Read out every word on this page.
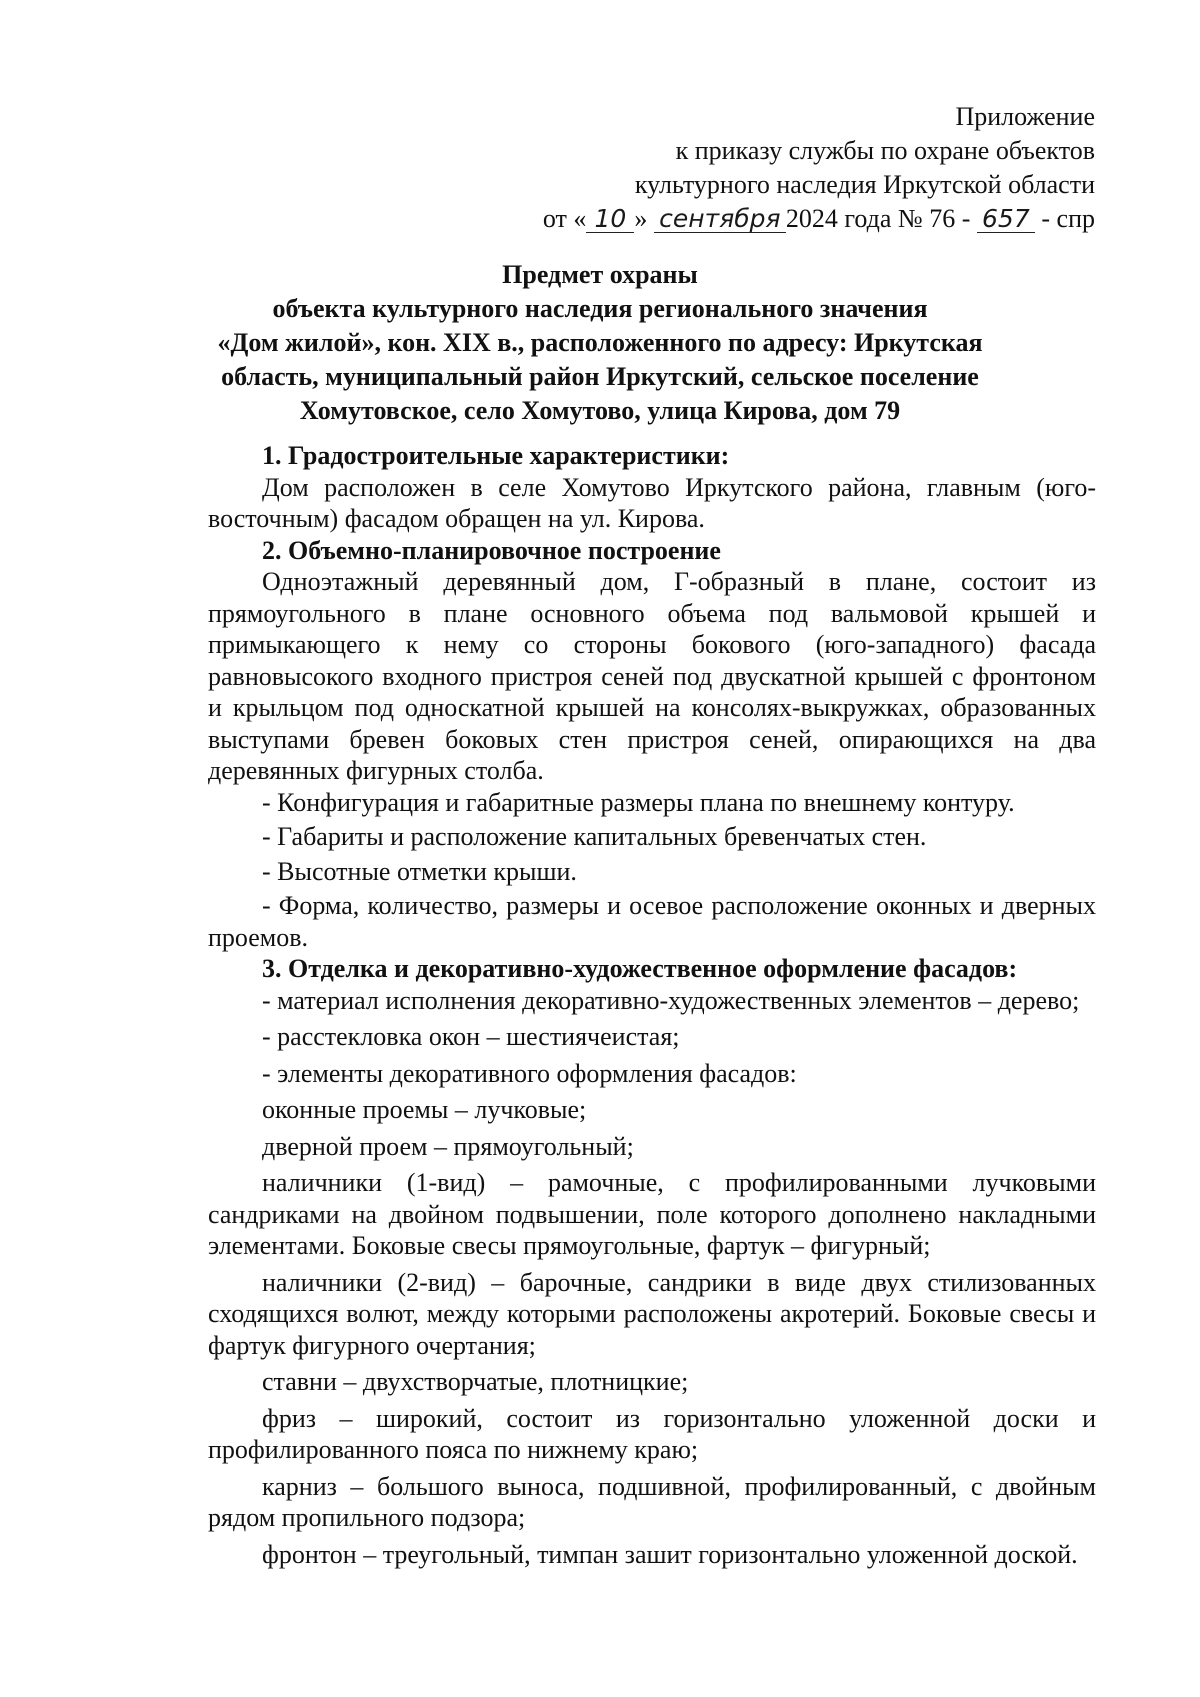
Приложение
к приказу службы по охране объектов
культурного наследия Иркутской области
от « 10 » сентября 2024 года № 76 - 657 - спр
Предмет охраны
объекта культурного наследия регионального значения
«Дом жилой», кон. XIX в., расположенного по адресу: Иркутская
область, муниципальный район Иркутский, сельское поселение
Хомутовское, село Хомутово, улица Кирова, дом 79

1. Градостроительные характеристики:

Дом расположен в селе Хомутово Иркутского района, главным (юго-восточным) фасадом обращен на ул. Кирова.

2. Объемно-планировочное построение

Одноэтажный деревянный дом, Г-образный в плане, состоит из прямоугольного в плане основного объема под вальмовой крышей и примыкающего к нему со стороны бокового (юго-западного) фасада равновысокого входного пристроя сеней под двускатной крышей с фронтоном и крыльцом под односкатной крышей на консолях-выкружках, образованных выступами бревен боковых стен пристроя сеней, опирающихся на два деревянных фигурных столба.

- Конфигурация и габаритные размеры плана по внешнему контуру.

- Габариты и расположение капитальных бревенчатых стен.

- Высотные отметки крыши.

- Форма, количество, размеры и осевое расположение оконных и дверных проемов.

3. Отделка и декоративно-художественное оформление фасадов:

- материал исполнения декоративно-художественных элементов – дерево;

- расстекловка окон – шестиячеистая;

- элементы декоративного оформления фасадов:

оконные проемы – лучковые;

дверной проем – прямоугольный;

наличники (1-вид) – рамочные, с профилированными лучковыми сандриками на двойном подвышении, поле которого дополнено накладными элементами. Боковые свесы прямоугольные, фартук – фигурный;

наличники (2-вид) – барочные, сандрики в виде двух стилизованных сходящихся волют, между которыми расположены акротерий. Боковые свесы и фартук фигурного очертания;

ставни – двухстворчатые, плотницкие;

фриз – широкий, состоит из горизонтально уложенной доски и профилированного пояса по нижнему краю;

карниз – большого выноса, подшивной, профилированный, с двойным рядом пропильного подзора;

фронтон – треугольный, тимпан зашит горизонтально уложенной доской.
